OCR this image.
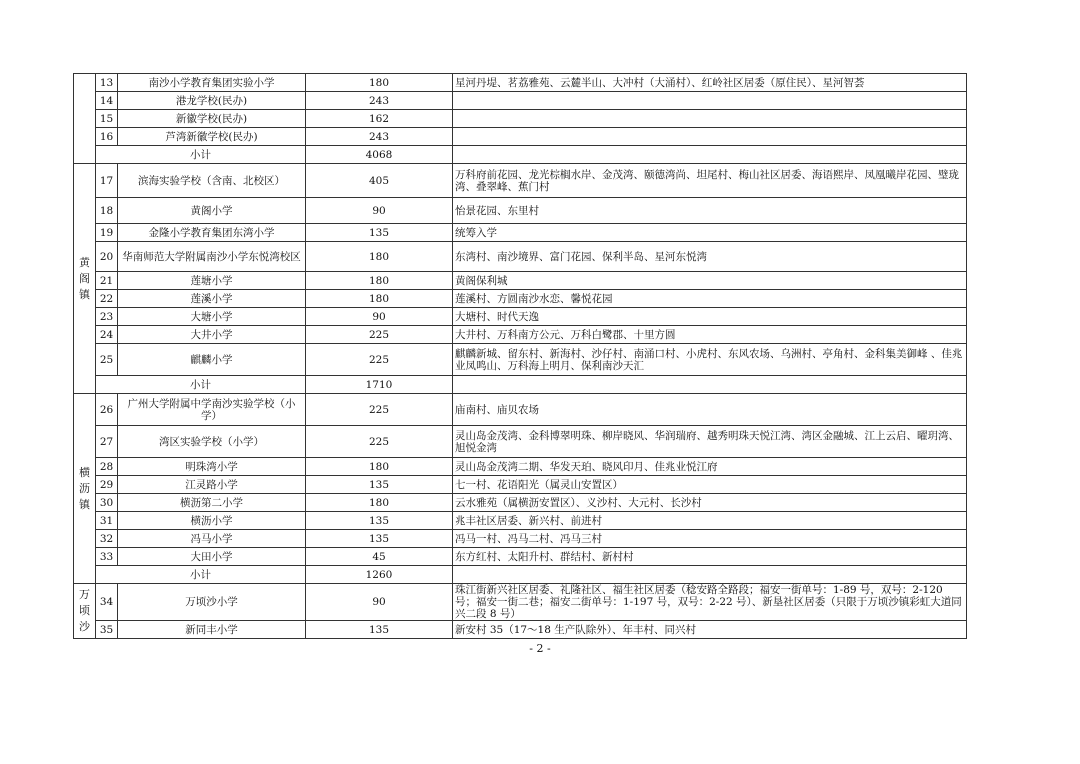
	13	南沙小学教育集团实验小学	180	星河丹堤、茗荔雅苑、云麓半山、大冲村（大涌村）、红岭社区居委（原住民）、星河智荟
	14	港龙学校(民办)	243	
	15	新徽学校(民办)	162	
	16	芦湾新徽学校(民办)	243	
	小计		4068	

黄阁镇	17	滨海实验学校（含南、北校区）	405	万科府前花园、龙光棕榈水岸、金茂湾、颐德湾尚、坦尾村、梅山社区居委、海语熙岸、凤凰曦岸花园、璧珑湾、叠翠峰、蕉门村
	18	黄阁小学	90	怡景花园、东里村
	19	金隆小学教育集团东湾小学	135	统筹入学
	20	华南师范大学附属南沙小学东悦湾校区	180	东湾村、南沙境界、富门花园、保利半岛、星河东悦湾
	21	莲塘小学	180	黄阁保利城
	22	莲溪小学	180	莲溪村、方圆南沙水恋、馨悦花园
	23	大塘小学	90	大塘村、时代天逸
	24	大井小学	225	大井村、万科南方公元、万科白鹭郡、十里方圆
	25	麒麟小学	225	麒麟新城、留东村、新海村、沙仔村、南涌口村、小虎村、东风农场、乌洲村、亭角村、金科集美御峰 、佳兆业凤鸣山、万科海上明月、保利南沙天汇
	小计		1710	

横沥镇	26	广州大学附属中学南沙实验学校（小学）	225	庙南村、庙贝农场
	27	湾区实验学校（小学）	225	灵山岛金茂湾、金科博翠明珠、柳岸晓风、华润瑞府、越秀明珠天悦江湾、湾区金融城、江上云启、曜玥湾、旭悦金湾
	28	明珠湾小学	180	灵山岛金茂湾二期、华发天珀、晓风印月、佳兆业悦江府
	29	江灵路小学	135	七一村、花语阳光（属灵山安置区）
	30	横沥第二小学	180	云水雅苑（属横沥安置区）、义沙村、大元村、长沙村
	31	横沥小学	135	兆丰社区居委、新兴村、前进村
	32	冯马小学	135	冯马一村、冯马二村、冯马三村
	33	大田小学	45	东方红村、太阳升村、群结村、新村村
	小计		1260	

万顷沙	34	万顷沙小学	90	珠江街新兴社区居委、礼隆社区、福生社区居委（稔安路全路段；福安一街单号：1-89 号，双号：2-120 号；福安一街二巷；福安二街单号：1-197 号，双号：2-22 号）、新垦社区居委（只限于万顷沙镇彩虹大道同兴二段 8 号）
	35	新同丰小学	135	新安村 35（17～18 生产队除外）、年丰村、同兴村
- 2 -
